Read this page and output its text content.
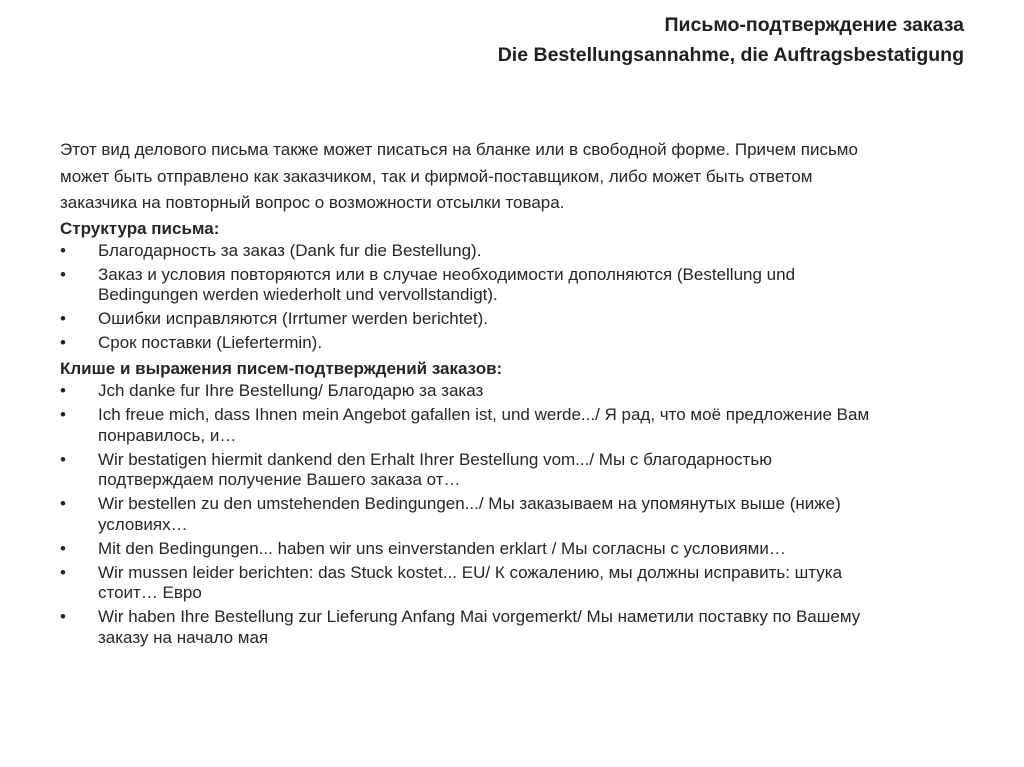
Письмо-подтверждение заказа
Die Bestellungsannahme, die Auftragsbestatigung

Этот вид делового письма также может писаться на бланке или в свободной форме. Причем письмо
может быть отправлено как заказчиком, так и фирмой-поставщиком, либо может быть ответом
заказчика на повторный вопрос о возможности отсылки товара.

Структура письма:

• Благодарность за заказ (Dank fur die Bestellung).
• Заказ и условия повторяются или в случае необходимости дополняются (Bestellung und
Bedingungen werden wiederholt und vervollstandigt).
• Ошибки исправляются (Irrtumer werden berichtet).
• Срок поставки (Liefertermin).

Клише и выражения писем-подтверждений заказов:

• Jch danke fur Ihre Bestellung/ Благодарю за заказ
• Ich freue mich, dass Ihnen mein Angebot gafallen ist, und werde.../ Я рад, что моё предложение Вам
понравилось, и…
• Wir bestatigen hiermit dankend den Erhalt Ihrer Bestellung vom.../ Мы с благодарностью
подтверждаем получение Вашего заказа от…
• Wir bestellen zu den umstehenden Bedingungen.../ Мы заказываем на упомянутых выше (ниже)
условиях…
• Mit den Bedingungen... haben wir uns einverstanden erklart / Мы согласны с условиями…
• Wir mussen leider berichten: das Stuck kostet... EU/ К сожалению, мы должны исправить: штука
стоит… Евро
• Wir haben Ihre Bestellung zur Lieferung Anfang Mai vorgemerkt/ Мы наметили поставку по Вашему
заказу на начало мая
